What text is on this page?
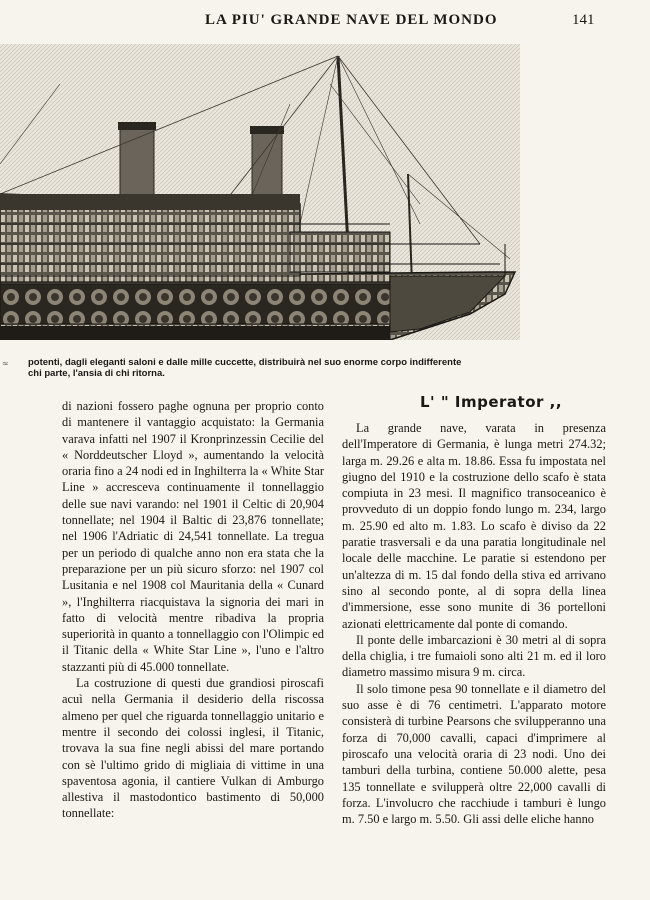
LA PIU' GRANDE NAVE DEL MONDO	141
≈	potenti, dagli eleganti saloni e dalle mille cuccette, distribuirà nel suo enorme corpo indifferente chi parte, l'ansia di chi ritorna.
L' " Imperator ,,

di nazioni fossero paghe ognuna per proprio conto di mantenere il vantaggio acquistato: la Germania varava infatti nel 1907 il Kronprinzessin Cecilie del « Norddeutscher Lloyd », aumentando la velocità oraria fino a 24 nodi ed in Inghilterra la « White Star Line » accresceva continuamente il tonnellaggio delle sue navi varando: nel 1901 il Celtic di 20,904 tonnellate; nel 1904 il Baltic di 23,876 tonnellate; nel 1906 l'Adriatic di 24,541 tonnellate. La tregua per un periodo di qualche anno non era stata che la preparazione per un più sicuro sforzo: nel 1907 col Lusitania e nel 1908 col Mauritania della « Cunard », l'Inghilterra riacquistava la signoria dei mari in fatto di velocità mentre ribadiva la propria superiorità in quanto a tonnellaggio con l'Olimpic ed il Titanic della « White Star Line », l'uno e l'altro stazzanti più di 45.000 tonnellate.

La costruzione di questi due grandiosi piroscafi acuì nella Germania il desiderio della riscossa almeno per quel che riguarda tonnellaggio unitario e mentre il secondo dei colossi inglesi, il Titanic, trovava la sua fine negli abissi del mare portando con sè l'ultimo grido di migliaia di vittime in una spaventosa agonia, il cantiere Vulkan di Amburgo allestiva il mastodontico bastimento di 50,000 tonnellate:

La grande nave, varata in presenza dell'Imperatore di Germania, è lunga metri 274.32; larga m. 29.26 e alta m. 18.86. Essa fu impostata nel giugno del 1910 e la costruzione dello scafo è stata compiuta in 23 mesi. Il magnifico transoceanico è provveduto di un doppio fondo lungo m. 234, largo m. 25.90 ed alto m. 1.83. Lo scafo è diviso da 22 paratie trasversali e da una paratia longitudinale nel locale delle macchine. Le paratie si estendono per un'altezza di m. 15 dal fondo della stiva ed arrivano sino al secondo ponte, al di sopra della linea d'immersione, esse sono munite di 36 portelloni azionati elettricamente dal ponte di comando.

Il ponte delle imbarcazioni è 30 metri al di sopra della chiglia, i tre fumaioli sono alti 21 m. ed il loro diametro massimo misura 9 m. circa.

Il solo timone pesa 90 tonnellate e il diametro del suo asse è di 76 centimetri. L'apparato motore consisterà di turbine Pearsons che svilupperanno una forza di 70,000 cavalli, capaci d'imprimere al piroscafo una velocità oraria di 23 nodi. Uno dei tamburi della turbina, contiene 50.000 alette, pesa 135 tonnellate e svilupperà oltre 22,000 cavalli di forza. L'involucro che racchiude i tamburi è lungo m. 7.50 e largo m. 5.50. Gli assi delle eliche hanno
